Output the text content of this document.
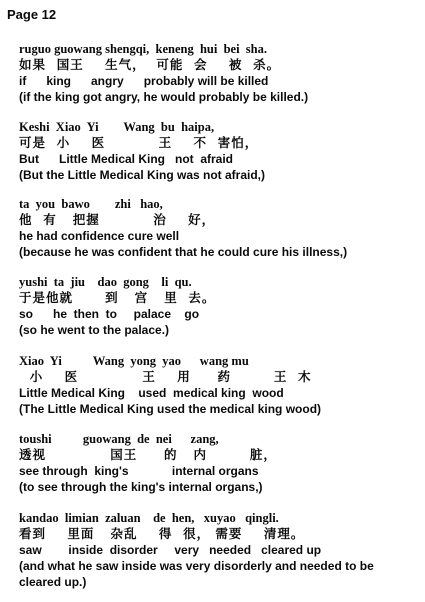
Page 12
ruguo guowang shengqi,  keneng  hui  bei  sha.
如果  国王    生气，  可能  会    被  杀。
if      king      angry      probably will be killed
(if the king got angry, he would probably be killed.)
Keshi  Xiao  Yi        Wang  bu  haipa,
可是  小    医          王    不  害怕，
But      Little Medical King   not  afraid
(But the Little Medical King was not afraid,)
ta  you  bawo        zhi   hao,
他  有   把握          治    好，
he had confidence cure well
(because he was confident that he could cure his illness,)
yushi  ta  jiu    dao  gong    li  qu.
于是他就      到   宫   里  去。
so      he  then  to     palace    go
(so he went to the palace.)
Xiao  Yi          Wang  yong  yao      wang mu
小    医            王    用     药        王  木
Little Medical King    used  medical king  wood
(The Little Medical King used the medical king wood)
toushi          guowang  de  nei      zang,
透视            国王     的   内        脏，
see through  king's             internal organs
(to see through the king's internal organs,)
kandao  limian  zaluan    de  hen,   xuyao   qingli.
看到    里面   杂乱    得  很， 需要    清理。
saw        inside  disorder     very   needed   cleared up
(and what he saw inside was very disorderly and needed to be cleared up.)
